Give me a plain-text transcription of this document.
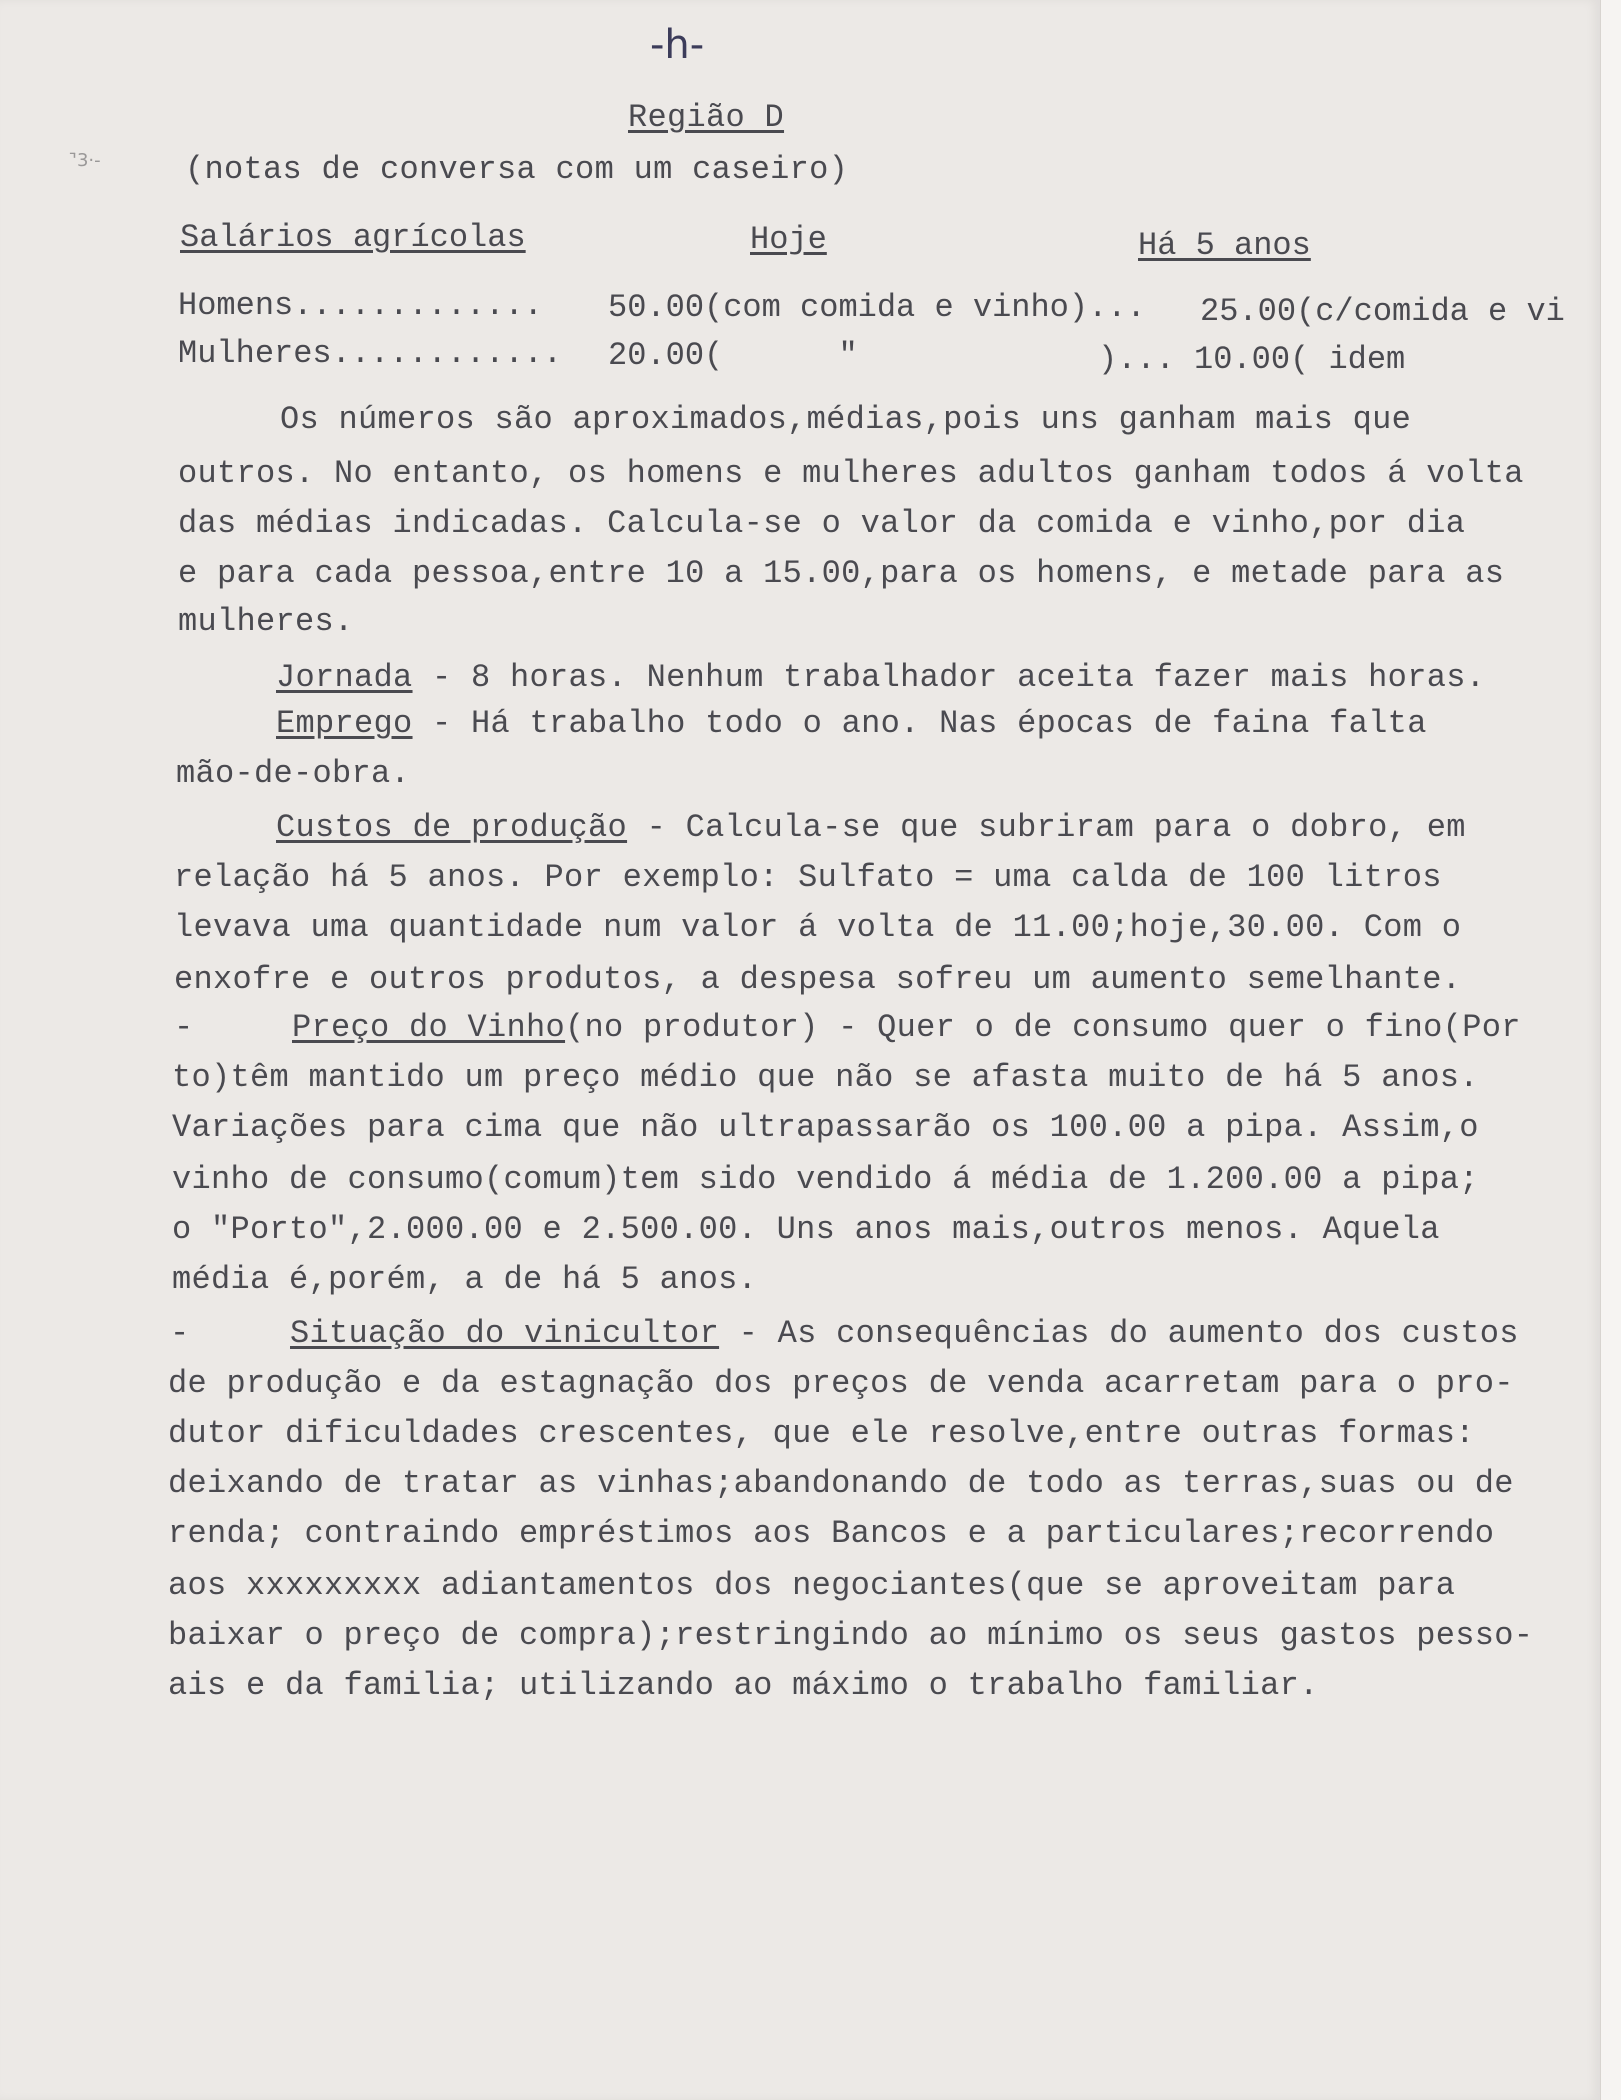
-h-
'̄3·-
Região D
(notas de conversa com um caseiro)
Salários agrícolas	Hoje	Há 5 anos
Homens............. 50.00(com comida e vinho)... 25.00(c/comida e vi
Mulheres............ 20.00(      "	)... 10.00( idem
Os números são aproximados,médias,pois uns ganham mais que
outros. No entanto, os homens e mulheres adultos ganham todos á volta
das médias indicadas. Calcula-se o valor da comida e vinho,por dia
e para cada pessoa,entre 10 a 15.00,para os homens, e metade para as
mulheres.
Jornada - 8 horas. Nenhum trabalhador aceita fazer mais horas.
Emprego - Há trabalho todo o ano. Nas épocas de faina falta
mão-de-obra.
Custos de produção - Calcula-se que subriram para o dobro, em
relação há 5 anos. Por exemplo: Sulfato = uma calda de 100 litros
levava uma quantidade num valor á volta de 11.00;hoje,30.00. Com o
enxofre e outros produtos, a despesa sofreu um aumento semelhante.
-	Preço do Vinho(no produtor) - Quer o de consumo quer o fino(Por
to)têm mantido um preço médio que não se afasta muito de há 5 anos.
Variações para cima que não ultrapassarão os 100.00 a pipa. Assim,o
vinho de consumo(comum)tem sido vendido á média de 1.200.00 a pipa;
o "Porto",2.000.00 e 2.500.00. Uns anos mais,outros menos. Aquela
média é,porém, a de há 5 anos.
-	Situação do vinicultor - As consequências do aumento dos custos
de produção e da estagnação dos preços de venda acarretam para o pro-
dutor dificuldades crescentes, que ele resolve,entre outras formas:
deixando de tratar as vinhas;abandonando de todo as terras,suas ou de
renda; contraindo empréstimos aos Bancos e a particulares;recorrendo
aos xxxxxxxxx adiantamentos dos negociantes(que se aproveitam para
baixar o preço de compra);restringindo ao mínimo os seus gastos pesso-
ais e da familia; utilizando ao máximo o trabalho familiar.
